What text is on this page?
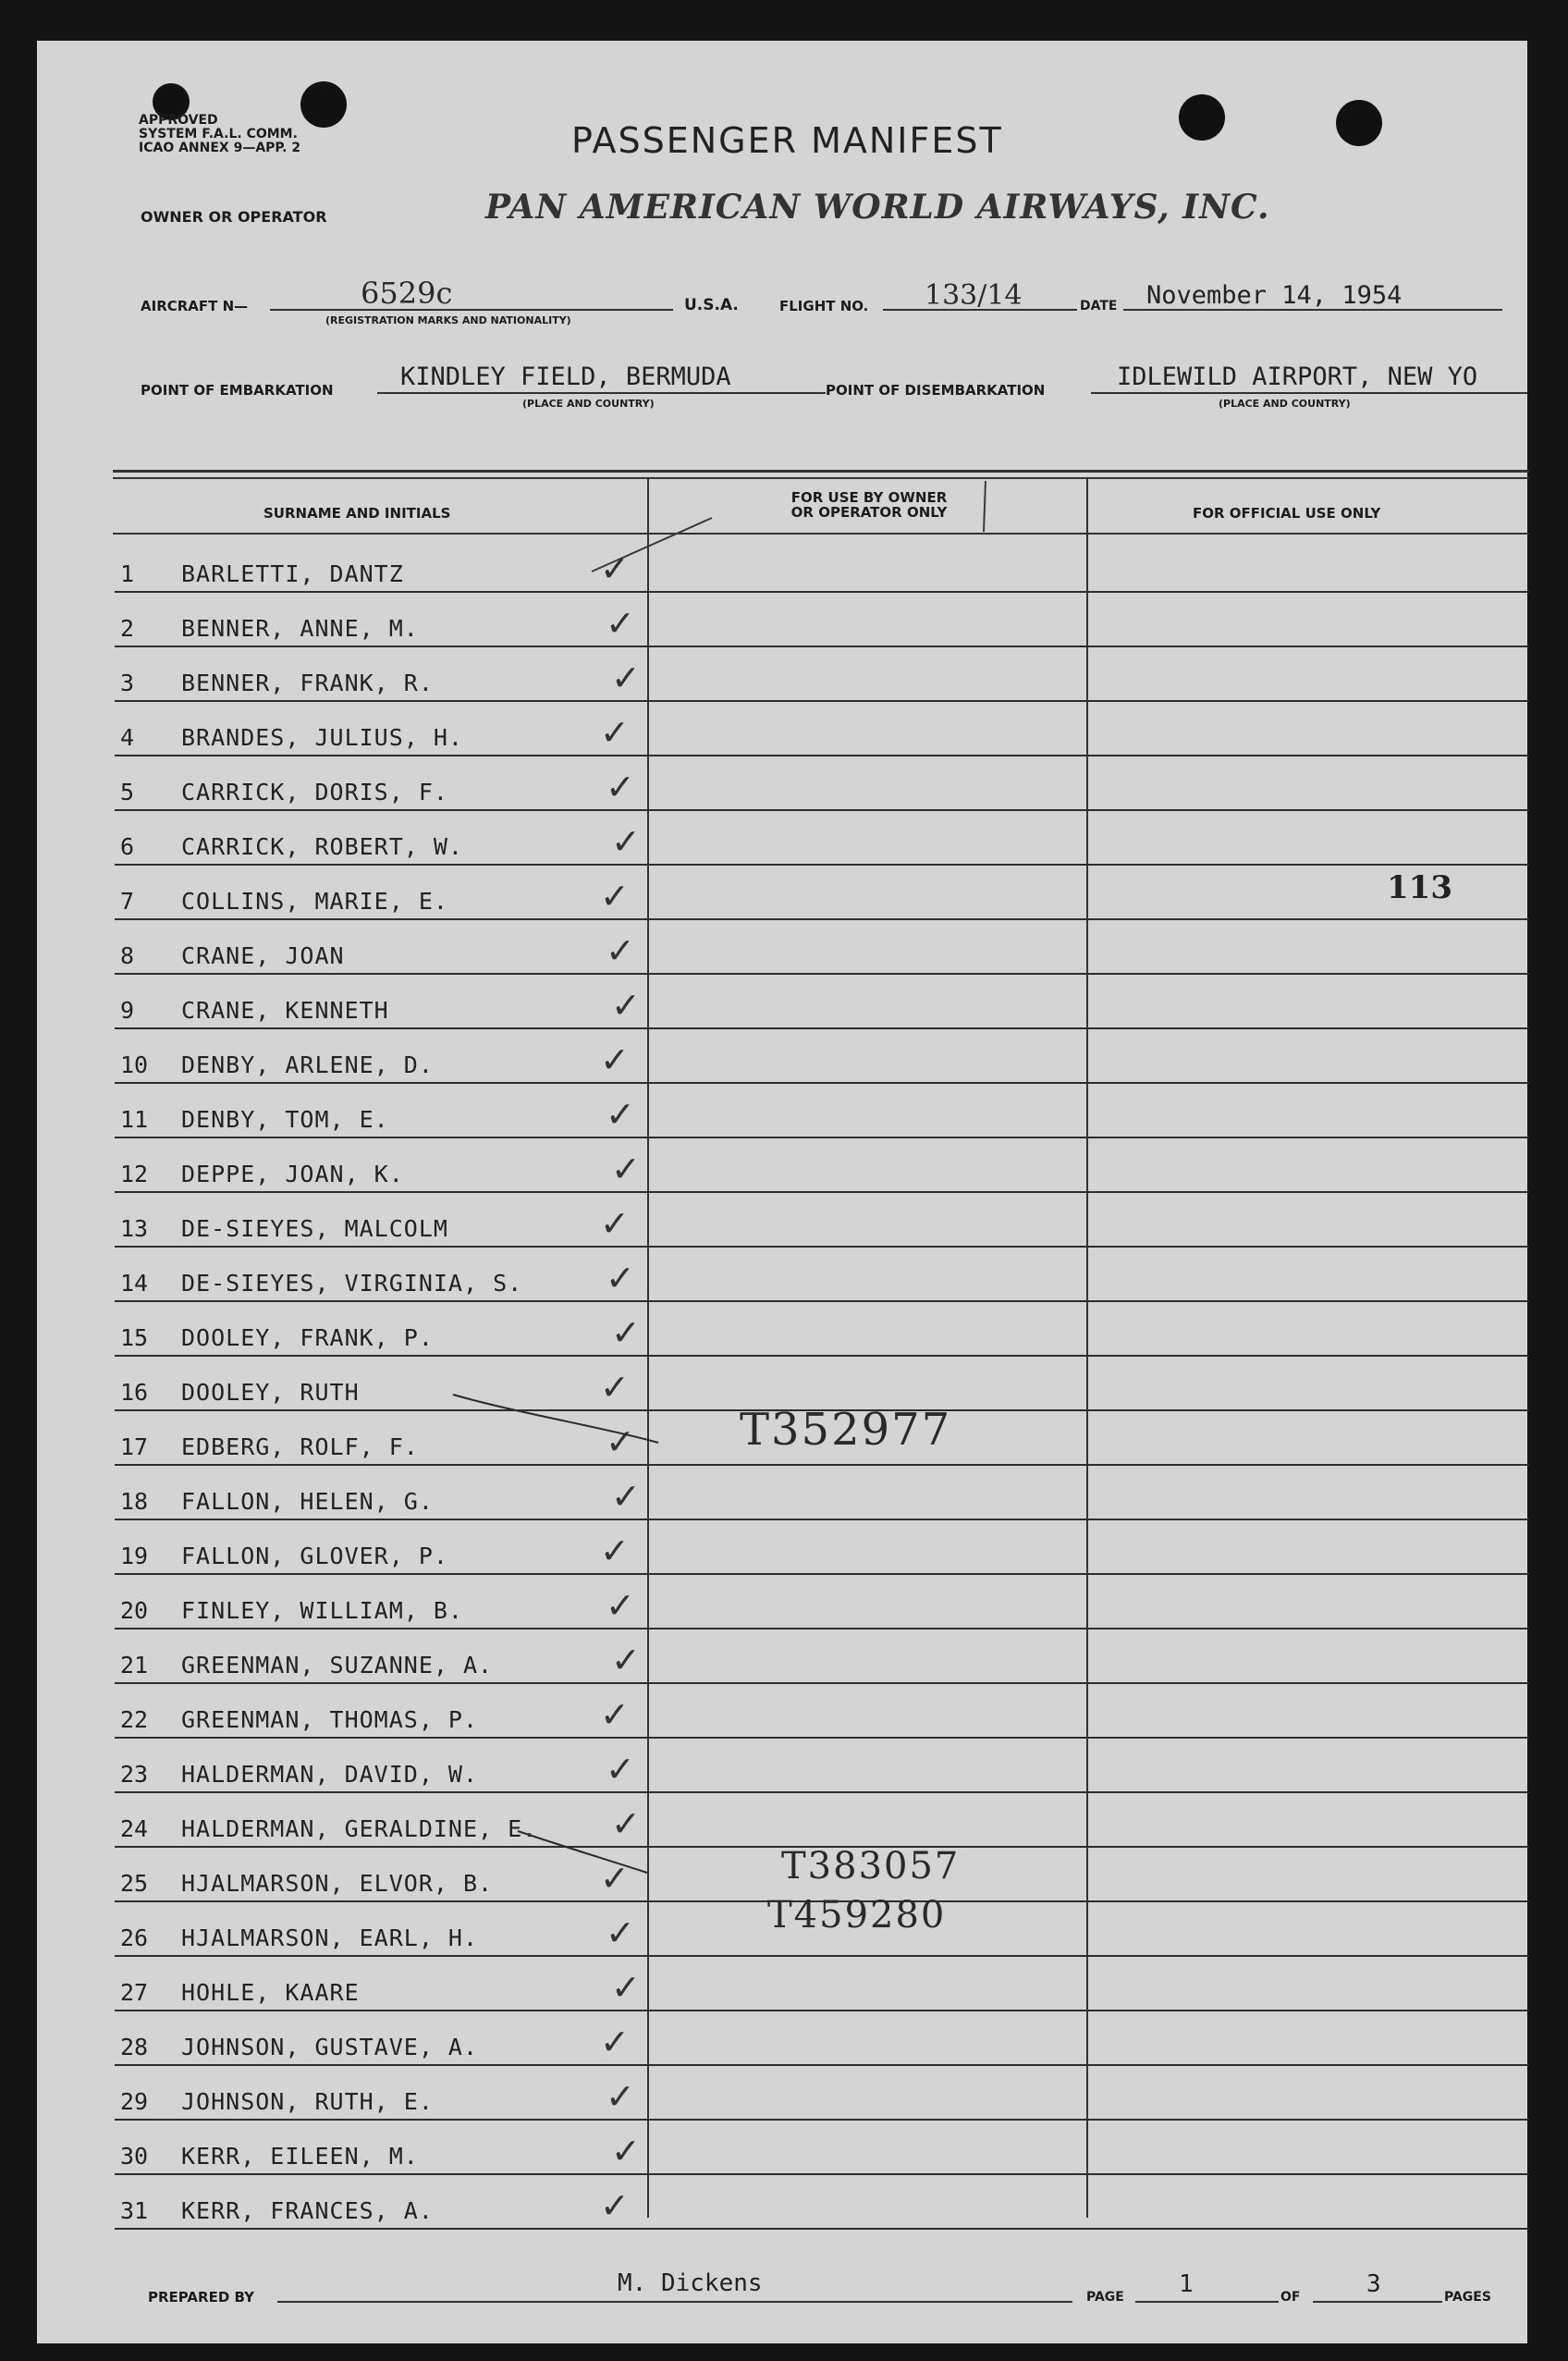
APPROVED
SYSTEM F.A.L. COMM.
ICAO ANNEX 9—APP. 2	PASSENGER MANIFEST
OWNER OR OPERATOR	PAN AMERICAN WORLD AIRWAYS, INC.
AIRCRAFT N—	6529c
(REGISTRATION MARKS AND NATIONALITY)
U.S.A.	FLIGHT NO. 133/14	DATE November 14, 1954
POINT OF EMBARKATION	KINDLEY FIELD, BERMUDA
(PLACE AND COUNTRY)
POINT OF DISEMBARKATION	IDLEWILD AIRPORT, NEW YO
(PLACE AND COUNTRY)
SURNAME AND INITIALS
FOR USE BY OWNER
OR OPERATOR ONLY	FOR OFFICIAL USE ONLY
1	BARLETTI, DANTZ	✓
2	BENNER, ANNE, M.	✓
3	BENNER, FRANK, R.	✓
4	BRANDES, JULIUS, H.	✓
5	CARRICK, DORIS, F.	✓
6	CARRICK, ROBERT, W.	✓
7	COLLINS, MARIE, E.	✓
8	CRANE, JOAN	✓
9	CRANE, KENNETH	✓
10	DENBY, ARLENE, D.	✓
11	DENBY, TOM, E.	✓
12	DEPPE, JOAN, K.	✓
13	DE-SIEYES, MALCOLM	✓
14	DE-SIEYES, VIRGINIA, S. ✓
15	DOOLEY, FRANK, P.	✓
16	DOOLEY, RUTH	✓
17	EDBERG, ROLF, F.	✓
18	FALLON, HELEN, G.	✓
19	FALLON, GLOVER, P.	✓
20	FINLEY, WILLIAM, B.	✓
21	GREENMAN, SUZANNE, A.	✓
22	GREENMAN, THOMAS, P.	✓
23	HALDERMAN, DAVID, W.	✓
24	HALDERMAN, GERALDINE, E. ✓
25	HJALMARSON, ELVOR, B.	✓
26	HJALMARSON, EARL, H.	✓
27	HOHLE, KAARE	✓
28	JOHNSON, GUSTAVE, A.	✓
29	JOHNSON, RUTH, E.	✓
30	KERR, EILEEN, M.	✓
31	KERR, FRANCES, A.	✓
113
T352977
T383057
T459280
PREPARED BY	M. Dickens	PAGE 1	OF	3	PAGES
